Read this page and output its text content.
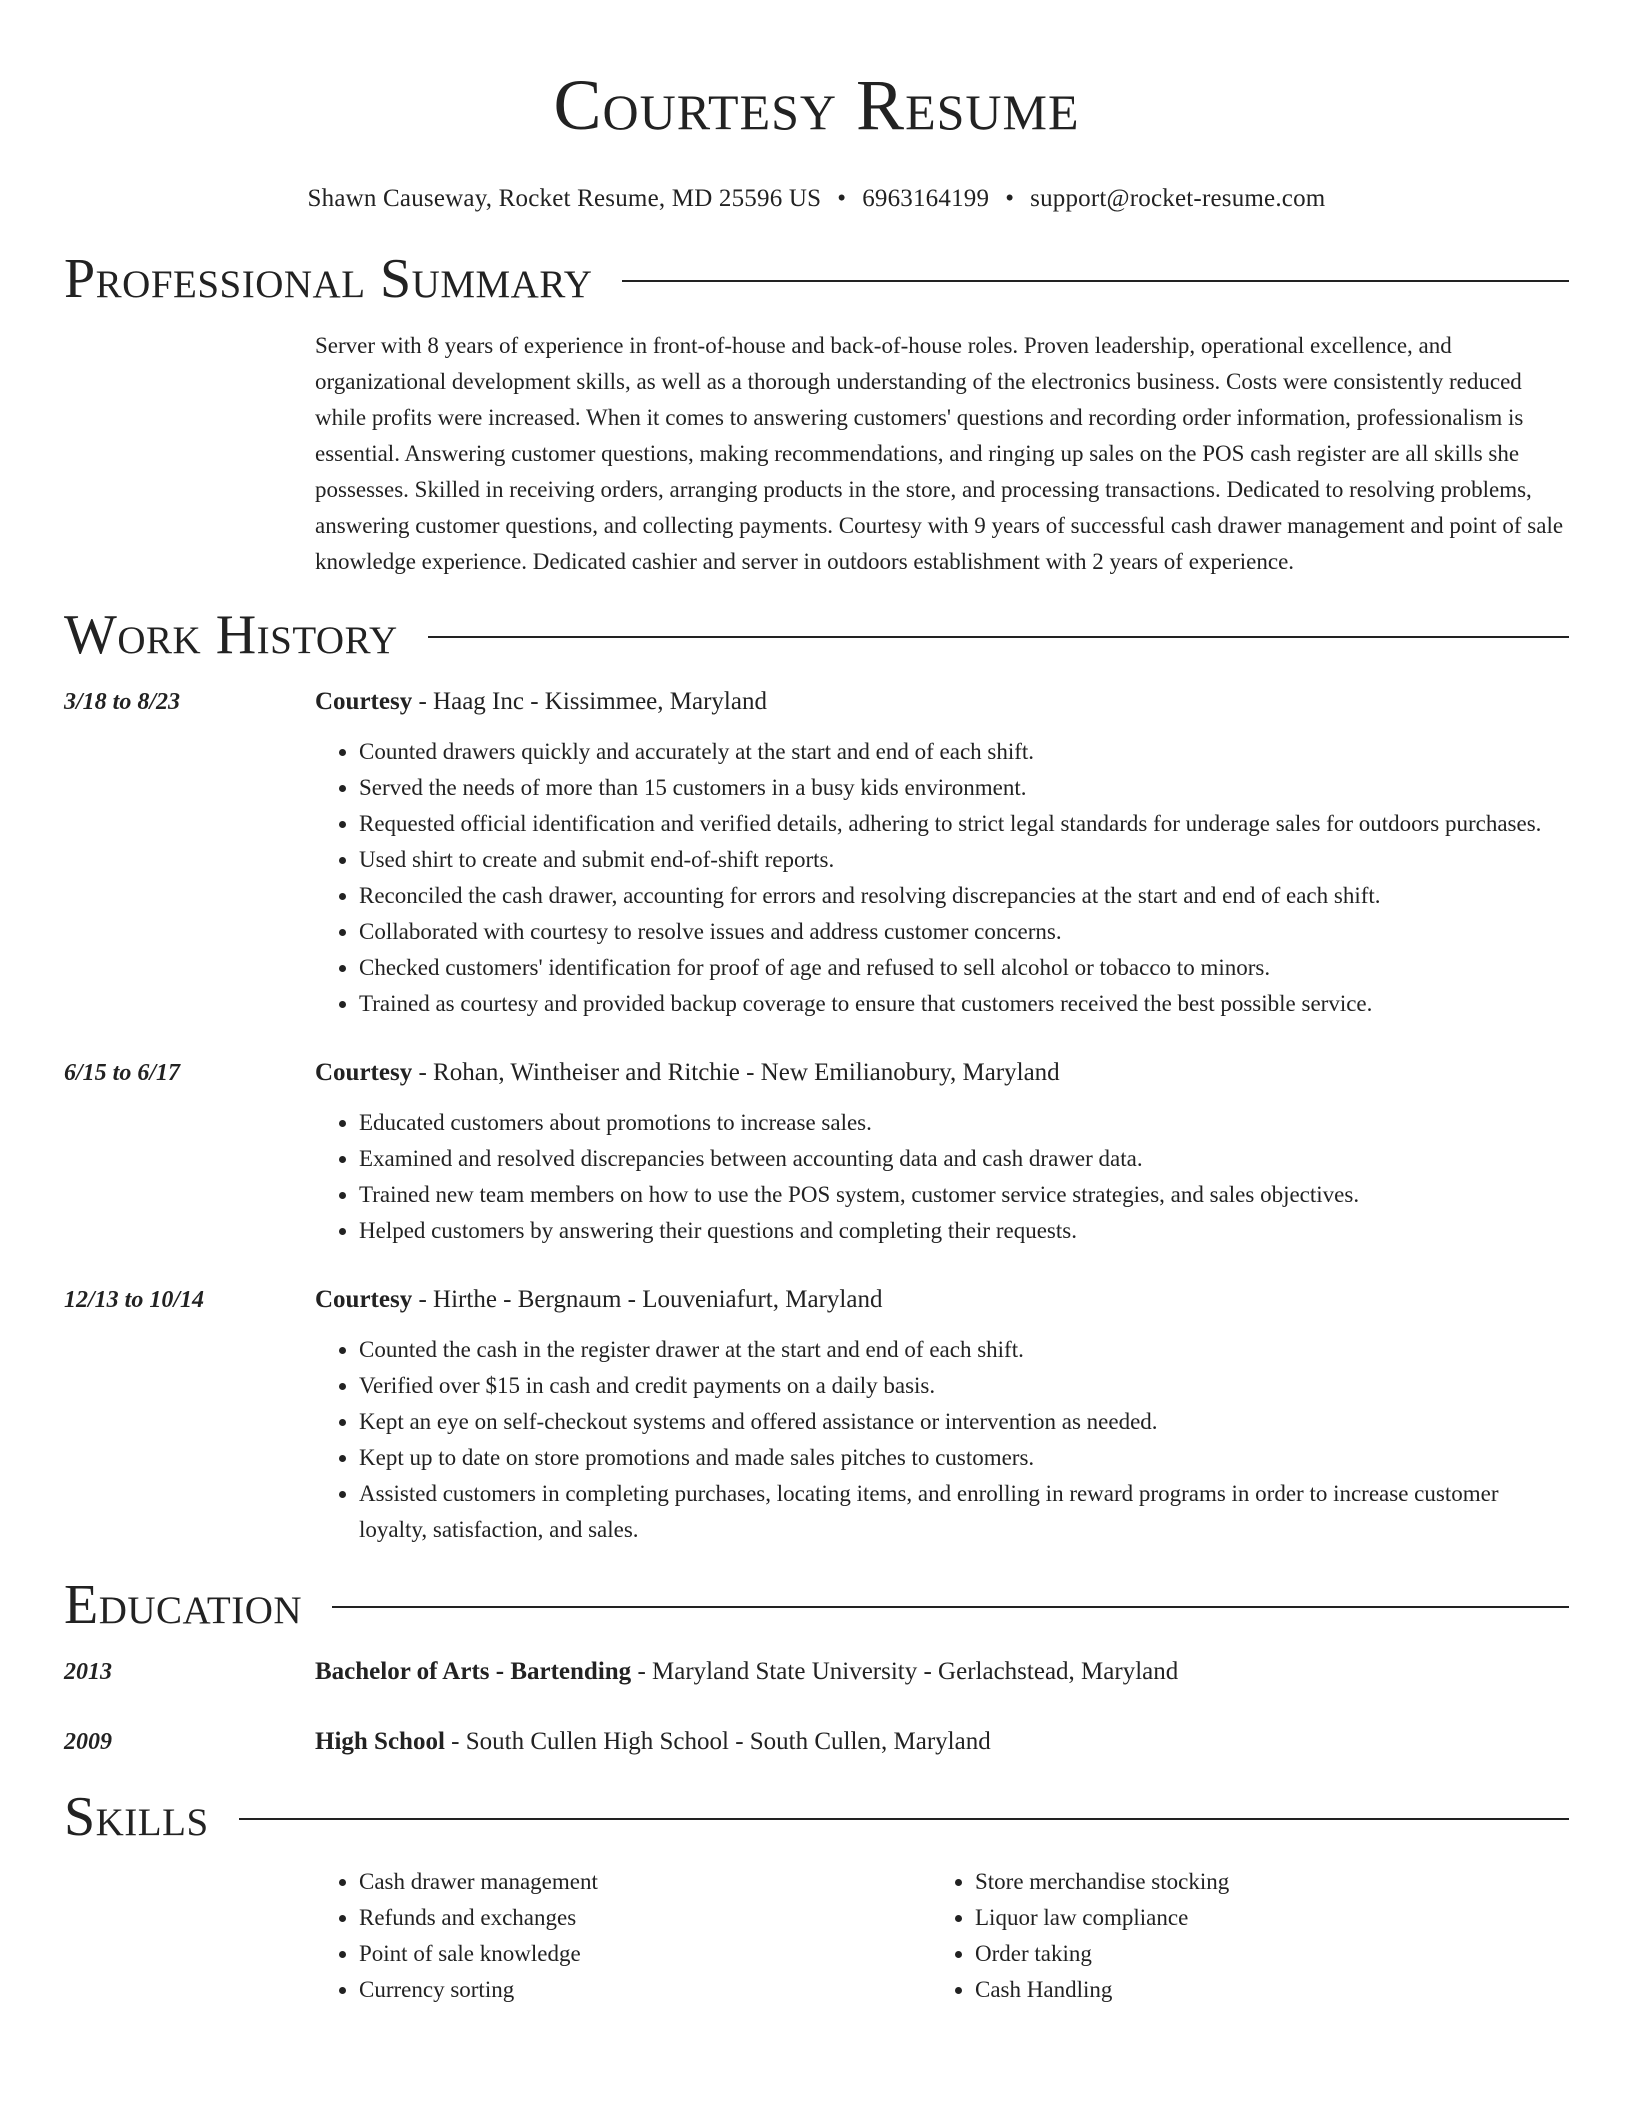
Courtesy Resume
Shawn Causeway, Rocket Resume, MD 25596 US • 6963164199 • support@rocket-resume.com
Professional Summary
Server with 8 years of experience in front-of-house and back-of-house roles. Proven leadership, operational excellence, and organizational development skills, as well as a thorough understanding of the electronics business. Costs were consistently reduced while profits were increased. When it comes to answering customers' questions and recording order information, professionalism is essential. Answering customer questions, making recommendations, and ringing up sales on the POS cash register are all skills she possesses. Skilled in receiving orders, arranging products in the store, and processing transactions. Dedicated to resolving problems, answering customer questions, and collecting payments. Courtesy with 9 years of successful cash drawer management and point of sale knowledge experience. Dedicated cashier and server in outdoors establishment with 2 years of experience.
Work History
3/18 to 8/23	Courtesy - Haag Inc - Kissimmee, Maryland
• Counted drawers quickly and accurately at the start and end of each shift.
• Served the needs of more than 15 customers in a busy kids environment.
• Requested official identification and verified details, adhering to strict legal standards for underage sales for outdoors purchases.
• Used shirt to create and submit end-of-shift reports.
• Reconciled the cash drawer, accounting for errors and resolving discrepancies at the start and end of each shift.
• Collaborated with courtesy to resolve issues and address customer concerns.
• Checked customers' identification for proof of age and refused to sell alcohol or tobacco to minors.
• Trained as courtesy and provided backup coverage to ensure that customers received the best possible service.
6/15 to 6/17	Courtesy - Rohan, Wintheiser and Ritchie - New Emilianobury, Maryland
• Educated customers about promotions to increase sales.
• Examined and resolved discrepancies between accounting data and cash drawer data.
• Trained new team members on how to use the POS system, customer service strategies, and sales objectives.
• Helped customers by answering their questions and completing their requests.
12/13 to 10/14	Courtesy - Hirthe - Bergnaum - Louveniafurt, Maryland
• Counted the cash in the register drawer at the start and end of each shift.
• Verified over $15 in cash and credit payments on a daily basis.
• Kept an eye on self-checkout systems and offered assistance or intervention as needed.
• Kept up to date on store promotions and made sales pitches to customers.
• Assisted customers in completing purchases, locating items, and enrolling in reward programs in order to increase customer loyalty, satisfaction, and sales.
Education
2013	Bachelor of Arts - Bartending - Maryland State University - Gerlachstead, Maryland
2009	High School - South Cullen High School - South Cullen, Maryland
Skills
• Cash drawer management
• Refunds and exchanges
• Point of sale knowledge
• Currency sorting
• Store merchandise stocking
• Liquor law compliance
• Order taking
• Cash Handling
